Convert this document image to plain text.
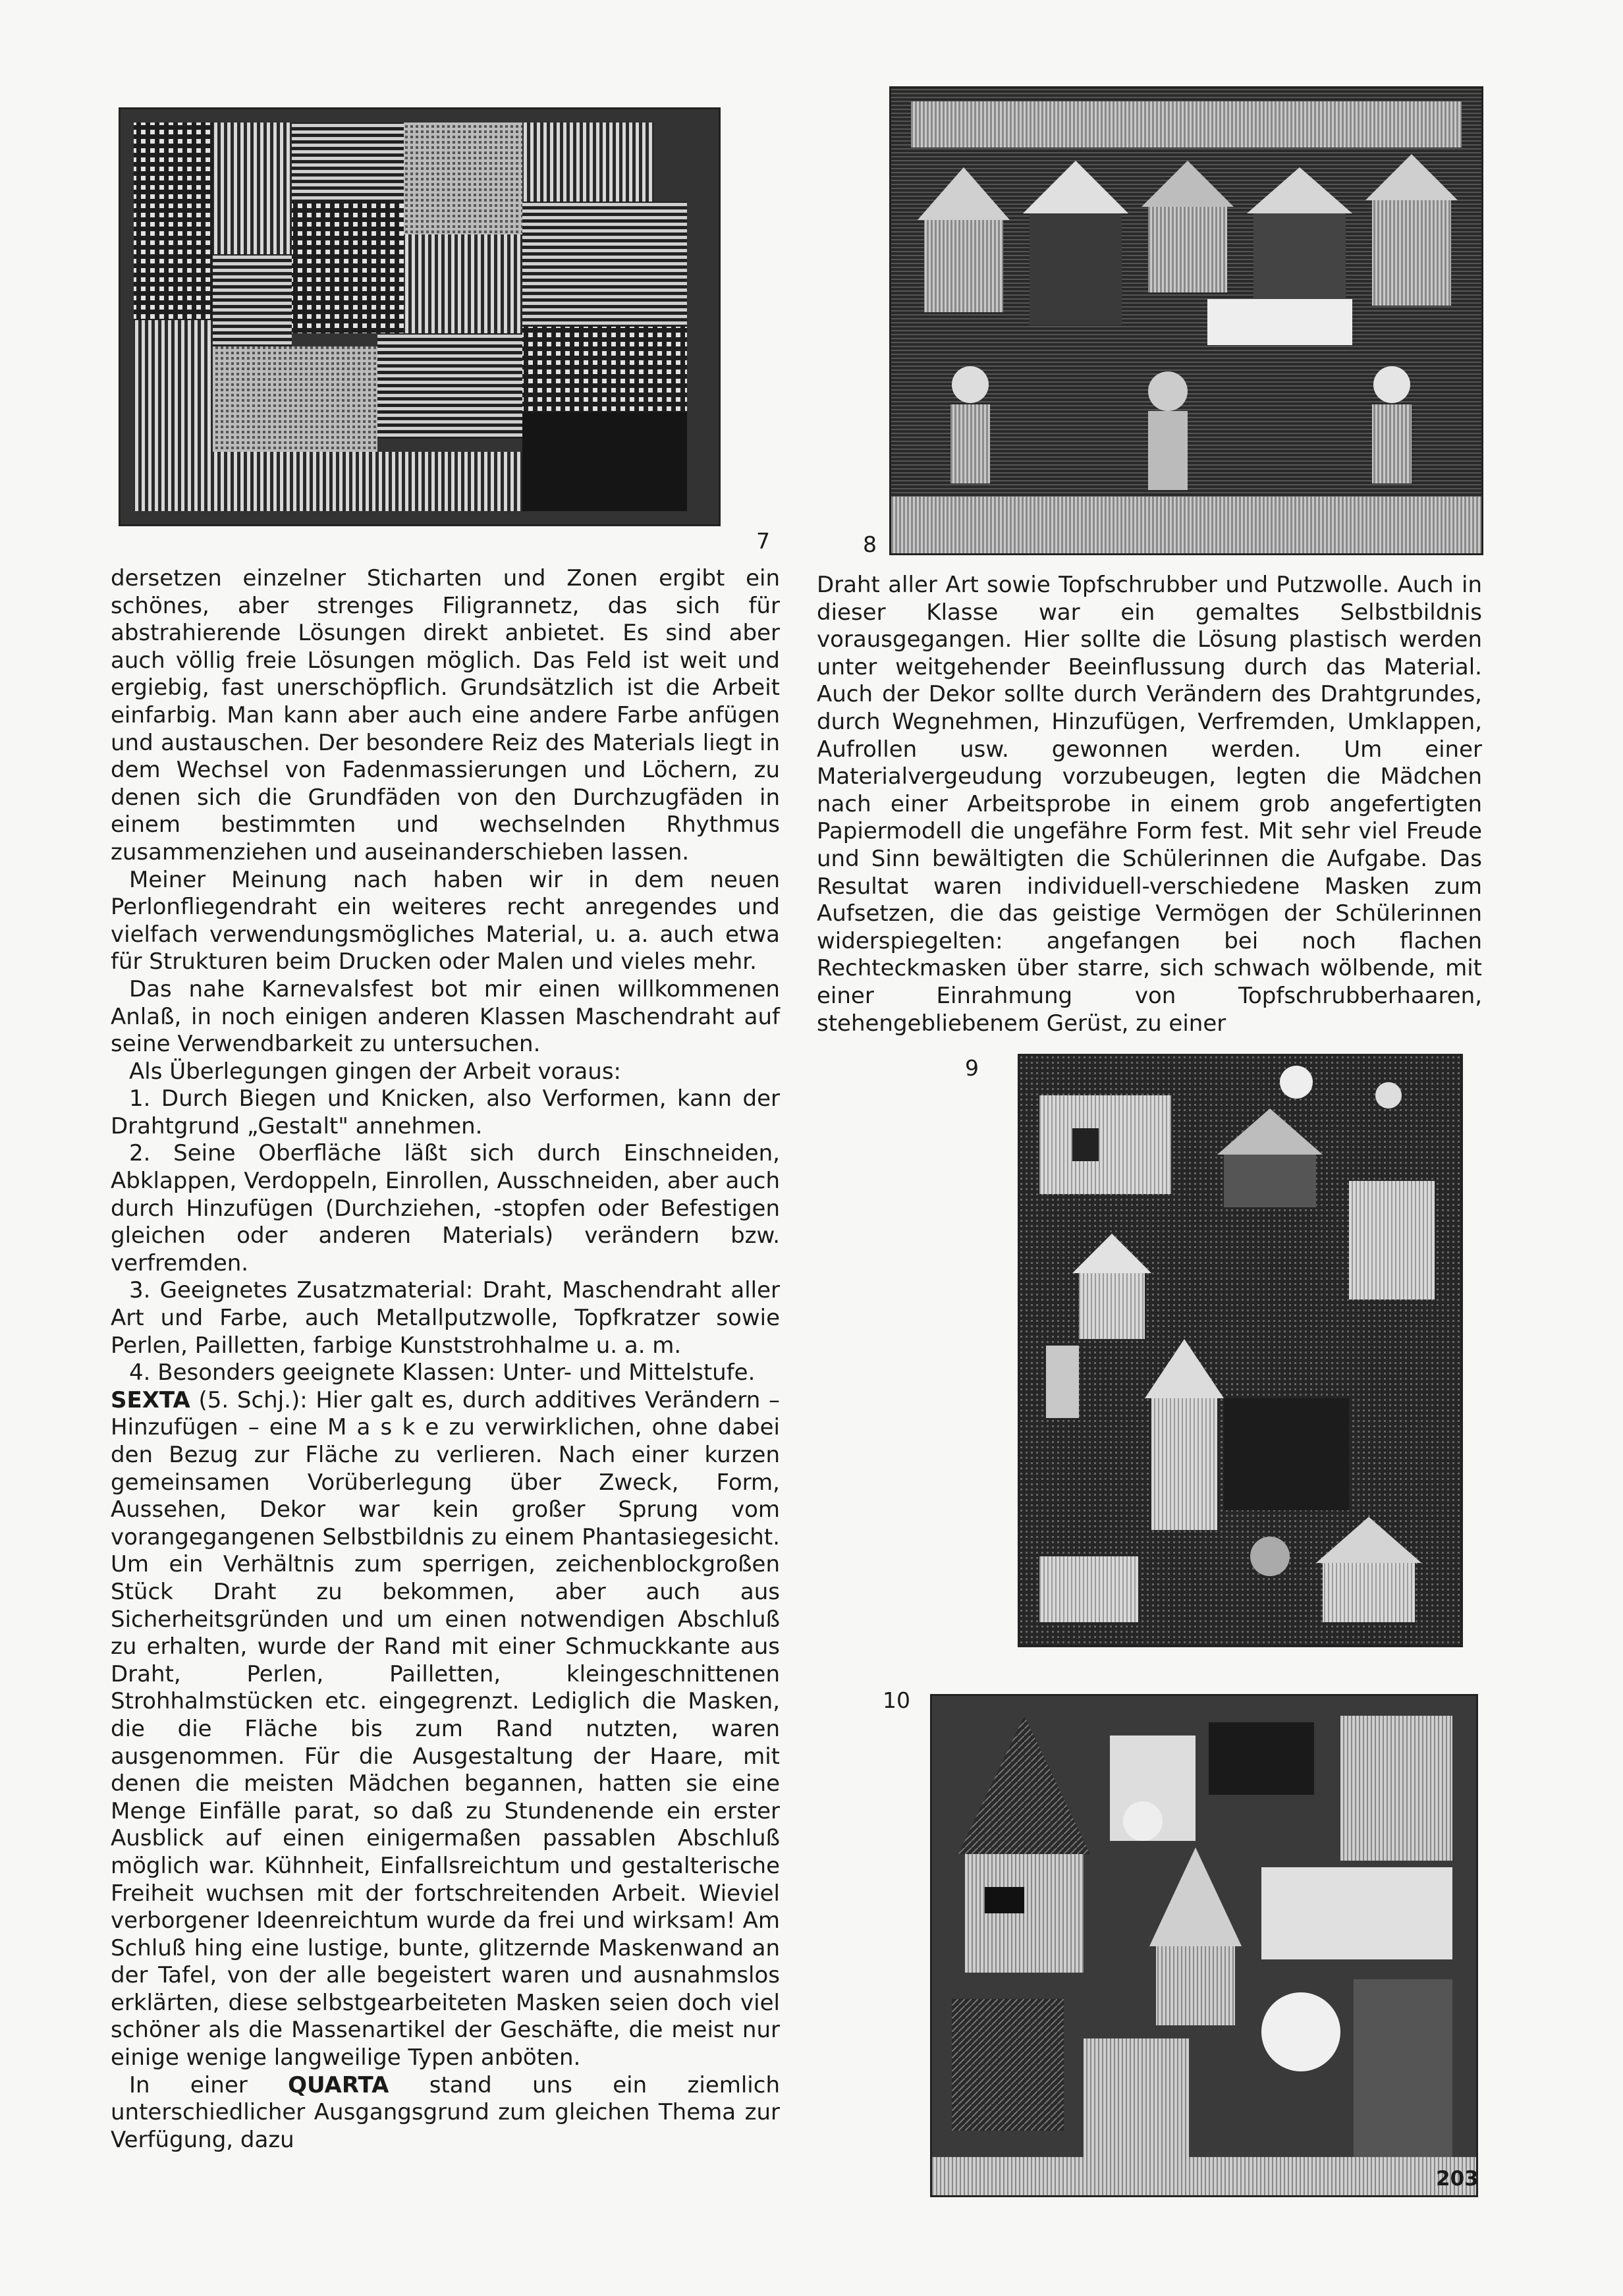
7	8

dersetzen einzelner Sticharten und Zonen ergibt ein schönes, aber strenges Filigrannetz, das sich für abstrahierende Lösungen direkt anbietet. Es sind aber auch völlig freie Lösungen möglich. Das Feld ist weit und ergiebig, fast unerschöpflich. Grundsätzlich ist die Arbeit einfarbig. Man kann aber auch eine andere Farbe anfügen und austauschen. Der besondere Reiz des Materials liegt in dem Wechsel von Fadenmassierungen und Löchern, zu denen sich die Grundfäden von den Durchzugfäden in einem bestimmten und wechselnden Rhythmus zusammenziehen und auseinanderschieben lassen.

Meiner Meinung nach haben wir in dem neuen Perlonfliegendraht ein weiteres recht anregendes und vielfach verwendungsmögliches Material, u. a. auch etwa für Strukturen beim Drucken oder Malen und vieles mehr.

Das nahe Karnevalsfest bot mir einen willkommenen Anlaß, in noch einigen anderen Klassen Maschendraht auf seine Verwendbarkeit zu untersuchen.

Als Überlegungen gingen der Arbeit voraus:

1. Durch Biegen und Knicken, also Verformen, kann der Drahtgrund „Gestalt" annehmen.

2. Seine Oberfläche läßt sich durch Einschneiden, Abklappen, Verdoppeln, Einrollen, Ausschneiden, aber auch durch Hinzufügen (Durchziehen, -stopfen oder Befestigen gleichen oder anderen Materials) verändern bzw. verfremden.

3. Geeignetes Zusatzmaterial: Draht, Maschendraht aller Art und Farbe, auch Metallputzwolle, Topfkratzer sowie Perlen, Pailletten, farbige Kunststrohhalme u. a. m.

4. Besonders geeignete Klassen: Unter- und Mittelstufe.

SEXTA (5. Schj.): Hier galt es, durch additives Verändern – Hinzufügen – eine M a s k e zu verwirklichen, ohne dabei den Bezug zur Fläche zu verlieren. Nach einer kurzen gemeinsamen Vorüberlegung über Zweck, Form, Aussehen, Dekor war kein großer Sprung vom vorangegangenen Selbstbildnis zu einem Phantasiegesicht. Um ein Verhältnis zum sperrigen, zeichenblockgroßen Stück Draht zu bekommen, aber auch aus Sicherheitsgründen und um einen notwendigen Abschluß zu erhalten, wurde der Rand mit einer Schmuckkante aus Draht, Perlen, Pailletten, kleingeschnittenen Strohhalmstücken etc. eingegrenzt. Lediglich die Masken, die die Fläche bis zum Rand nutzten, waren ausgenommen. Für die Ausgestaltung der Haare, mit denen die meisten Mädchen begannen, hatten sie eine Menge Einfälle parat, so daß zu Stundenende ein erster Ausblick auf einen einigermaßen passablen Abschluß möglich war. Kühnheit, Einfallsreichtum und gestalterische Freiheit wuchsen mit der fortschreitenden Arbeit. Wieviel verborgener Ideenreichtum wurde da frei und wirksam! Am Schluß hing eine lustige, bunte, glitzernde Maskenwand an der Tafel, von der alle begeistert waren und ausnahmslos erklärten, diese selbstgearbeiteten Masken seien doch viel schöner als die Massenartikel der Geschäfte, die meist nur einige wenige langweilige Typen anböten.

In einer QUARTA stand uns ein ziemlich unterschiedlicher Ausgangsgrund zum gleichen Thema zur Verfügung, dazu

Draht aller Art sowie Topfschrubber und Putzwolle. Auch in dieser Klasse war ein gemaltes Selbstbildnis vorausgegangen. Hier sollte die Lösung plastisch werden unter weitgehender Beeinflussung durch das Material. Auch der Dekor sollte durch Verändern des Drahtgrundes, durch Wegnehmen, Hinzufügen, Verfremden, Umklappen, Aufrollen usw. gewonnen werden. Um einer Materialvergeudung vorzubeugen, legten die Mädchen nach einer Arbeitsprobe in einem grob angefertigten Papiermodell die ungefähre Form fest. Mit sehr viel Freude und Sinn bewältigten die Schülerinnen die Aufgabe. Das Resultat waren individuell-verschiedene Masken zum Aufsetzen, die das geistige Vermögen der Schülerinnen widerspiegelten: angefangen bei noch flachen Rechteckmasken über starre, sich schwach wölbende, mit einer Einrahmung von Topfschrubberhaaren, stehengebliebenem Gerüst, zu einer

9
10
203
